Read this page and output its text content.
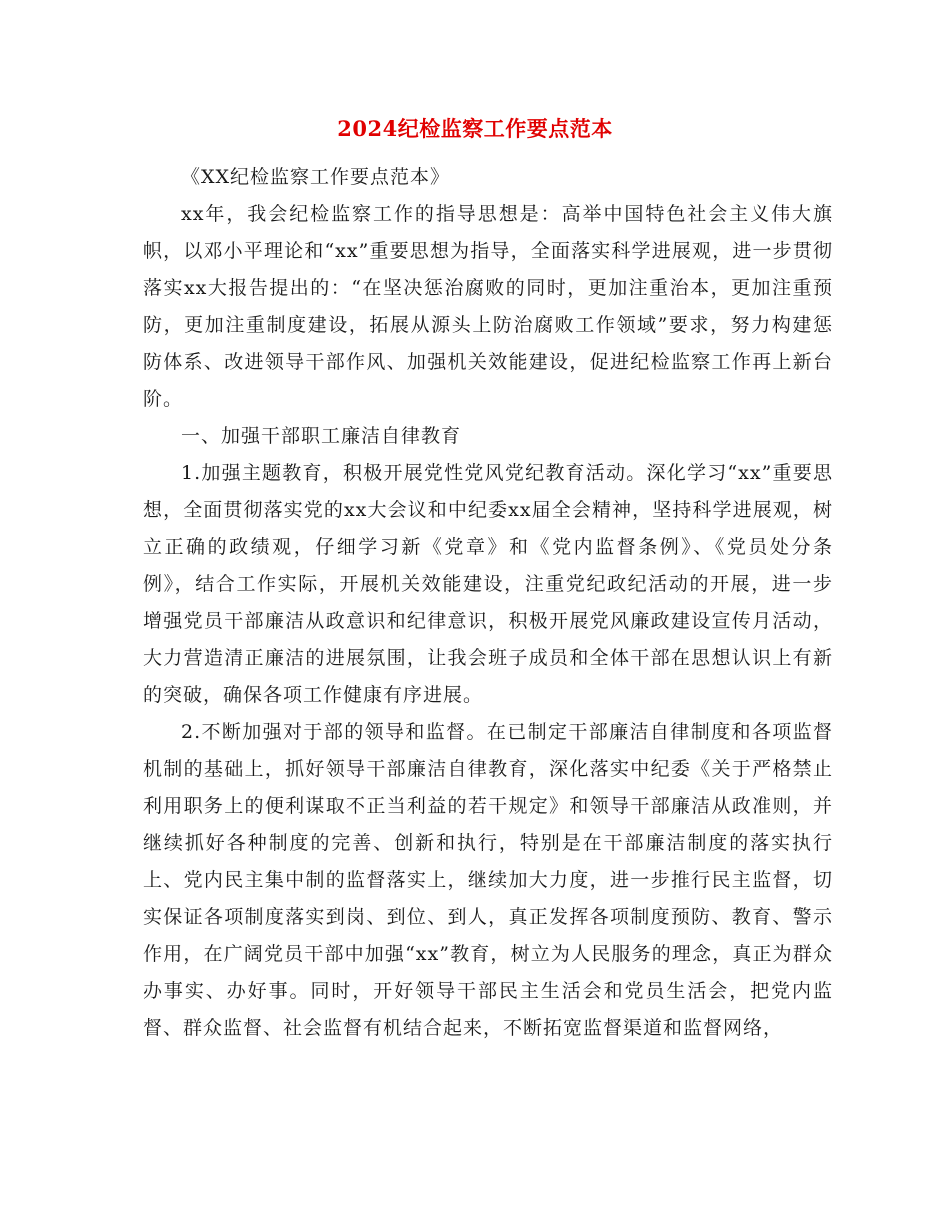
2024纪检监察工作要点范本

《XX纪检监察工作要点范本》

xx年，我会纪检监察工作的指导思想是：高举中国特色社会主义伟大旗帜，以邓小平理论和“xx”重要思想为指导，全面落实科学进展观，进一步贯彻落实xx大报告提出的：“在坚决惩治腐败的同时，更加注重治本，更加注重预防，更加注重制度建设，拓展从源头上防治腐败工作领域”要求，努力构建惩防体系、改进领导干部作风、加强机关效能建设，促进纪检监察工作再上新台阶。

一、加强干部职工廉洁自律教育

1.加强主题教育，积极开展党性党风党纪教育活动。深化学习“xx”重要思想，全面贯彻落实党的xx大会议和中纪委xx届全会精神，坚持科学进展观，树立正确的政绩观，仔细学习新《党章》和《党内监督条例》、《党员处分条例》，结合工作实际，开展机关效能建设，注重党纪政纪活动的开展，进一步增强党员干部廉洁从政意识和纪律意识，积极开展党风廉政建设宣传月活动，大力营造清正廉洁的进展氛围，让我会班子成员和全体干部在思想认识上有新的突破，确保各项工作健康有序进展。

2.不断加强对于部的领导和监督。在已制定干部廉洁自律制度和各项监督机制的基础上，抓好领导干部廉洁自律教育，深化落实中纪委《关于严格禁止利用职务上的便利谋取不正当利益的若干规定》和领导干部廉洁从政准则，并继续抓好各种制度的完善、创新和执行，特别是在干部廉洁制度的落实执行上、党内民主集中制的监督落实上，继续加大力度，进一步推行民主监督，切实保证各项制度落实到岗、到位、到人，真正发挥各项制度预防、教育、警示作用，在广阔党员干部中加强“xx”教育，树立为人民服务的理念，真正为群众办事实、办好事。同时，开好领导干部民主生活会和党员生活会，把党内监督、群众监督、社会监督有机结合起来，不断拓宽监督渠道和监督网络，
